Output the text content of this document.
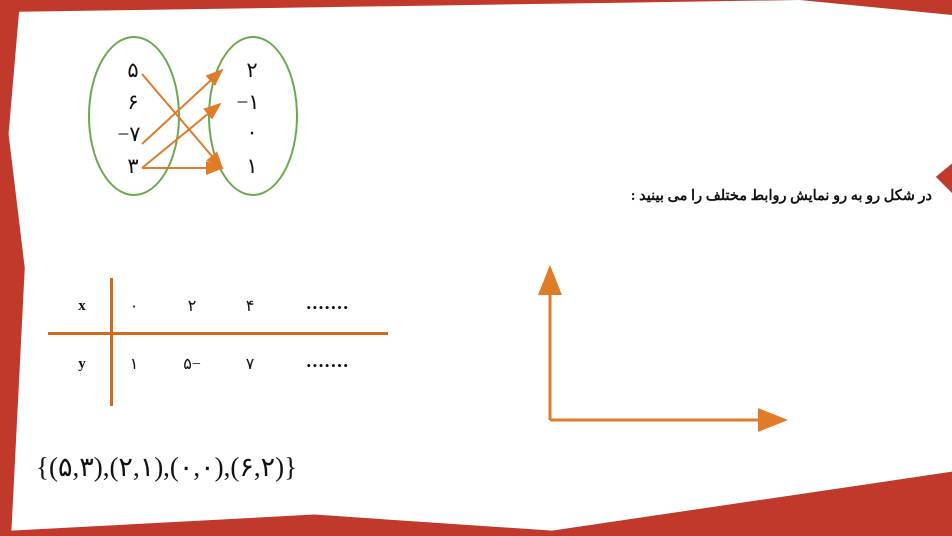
۵
۶
‎−۷
۳
۲
‎−۱
۰
۱
در شکل رو به رو نمایش روابط مختلف را می بینید :
x	۰	۲	۴	•••••••
y	۱	۵‎−	۷	•••••••
{(۵,۳),(۲,۱),(۰,۰),(۶,۲)}
